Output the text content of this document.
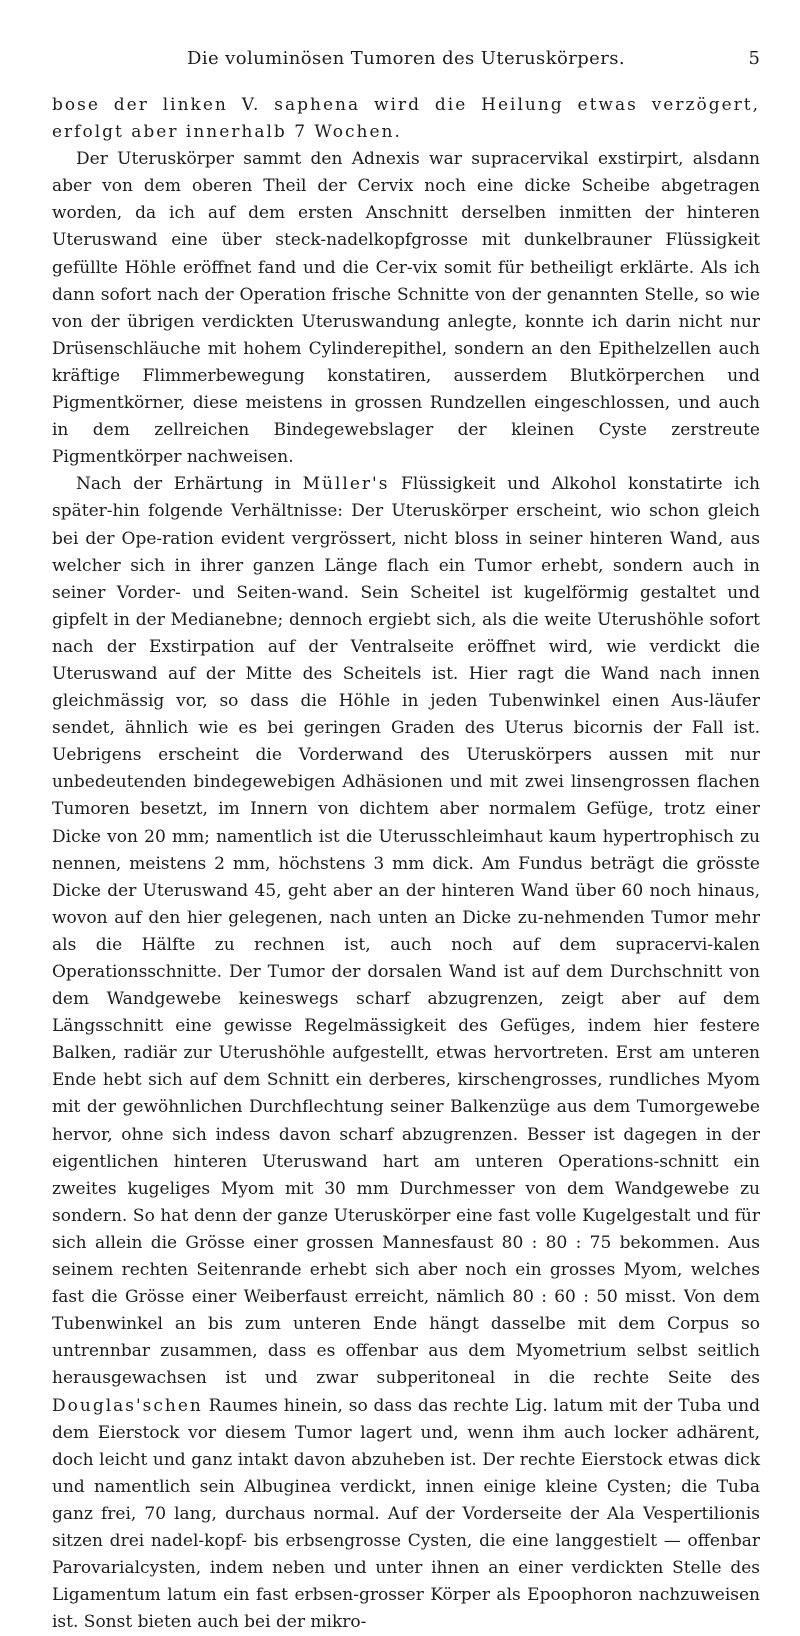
Die voluminösen Tumoren des Uteruskörpers.	5

bose der linken V. saphena wird die Heilung etwas verzögert, erfolgt aber innerhalb 7 Wochen.

Der Uteruskörper sammt den Adnexis war supracervikal exstirpirt, alsdann aber von dem oberen Theil der Cervix noch eine dicke Scheibe abgetragen worden, da ich auf dem ersten Anschnitt derselben inmitten der hinteren Uteruswand eine über steck-nadelkopfgrosse mit dunkelbrauner Flüssigkeit gefüllte Höhle eröffnet fand und die Cer-vix somit für betheiligt erklärte. Als ich dann sofort nach der Operation frische Schnitte von der genannten Stelle, so wie von der übrigen verdickten Uteruswandung anlegte, konnte ich darin nicht nur Drüsenschläuche mit hohem Cylinderepithel, sondern an den Epithelzellen auch kräftige Flimmerbewegung konstatiren, ausserdem Blutkörperchen und Pigmentkörner, diese meistens in grossen Rundzellen eingeschlossen, und auch in dem zellreichen Bindegewebslager der kleinen Cyste zerstreute Pigmentkörper nachweisen.

Nach der Erhärtung in Müller's Flüssigkeit und Alkohol konstatirte ich später-hin folgende Verhältnisse: Der Uteruskörper erscheint, wio schon gleich bei der Ope-ration evident vergrössert, nicht bloss in seiner hinteren Wand, aus welcher sich in ihrer ganzen Länge flach ein Tumor erhebt, sondern auch in seiner Vorder- und Seiten-wand. Sein Scheitel ist kugelförmig gestaltet und gipfelt in der Medianebne; dennoch ergiebt sich, als die weite Uterushöhle sofort nach der Exstirpation auf der Ventralseite eröffnet wird, wie verdickt die Uteruswand auf der Mitte des Scheitels ist. Hier ragt die Wand nach innen gleichmässig vor, so dass die Höhle in jeden Tubenwinkel einen Aus-läufer sendet, ähnlich wie es bei geringen Graden des Uterus bicornis der Fall ist. Uebrigens erscheint die Vorderwand des Uteruskörpers aussen mit nur unbedeutenden bindegewebigen Adhäsionen und mit zwei linsengrossen flachen Tumoren besetzt, im Innern von dichtem aber normalem Gefüge, trotz einer Dicke von 20 mm; namentlich ist die Uterusschleimhaut kaum hypertrophisch zu nennen, meistens 2 mm, höchstens 3 mm dick. Am Fundus beträgt die grösste Dicke der Uteruswand 45, geht aber an der hinteren Wand über 60 noch hinaus, wovon auf den hier gelegenen, nach unten an Dicke zu-nehmenden Tumor mehr als die Hälfte zu rechnen ist, auch noch auf dem supracervi-kalen Operationsschnitte. Der Tumor der dorsalen Wand ist auf dem Durchschnitt von dem Wandgewebe keineswegs scharf abzugrenzen, zeigt aber auf dem Längsschnitt eine gewisse Regelmässigkeit des Gefüges, indem hier festere Balken, radiär zur Uterushöhle aufgestellt, etwas hervortreten. Erst am unteren Ende hebt sich auf dem Schnitt ein derberes, kirschengrosses, rundliches Myom mit der gewöhnlichen Durchflechtung seiner Balkenzüge aus dem Tumorgewebe hervor, ohne sich indess davon scharf abzugrenzen. Besser ist dagegen in der eigentlichen hinteren Uteruswand hart am unteren Operations-schnitt ein zweites kugeliges Myom mit 30 mm Durchmesser von dem Wandgewebe zu sondern. So hat denn der ganze Uteruskörper eine fast volle Kugelgestalt und für sich allein die Grösse einer grossen Mannesfaust 80 : 80 : 75 bekommen. Aus seinem rechten Seitenrande erhebt sich aber noch ein grosses Myom, welches fast die Grösse einer Weiberfaust erreicht, nämlich 80 : 60 : 50 misst. Von dem Tubenwinkel an bis zum unteren Ende hängt dasselbe mit dem Corpus so untrennbar zusammen, dass es offenbar aus dem Myometrium selbst seitlich herausgewachsen ist und zwar subperitoneal in die rechte Seite des Douglas'schen Raumes hinein, so dass das rechte Lig. latum mit der Tuba und dem Eierstock vor diesem Tumor lagert und, wenn ihm auch locker adhärent, doch leicht und ganz intakt davon abzuheben ist. Der rechte Eierstock etwas dick und namentlich sein Albuginea verdickt, innen einige kleine Cysten; die Tuba ganz frei, 70 lang, durchaus normal. Auf der Vorderseite der Ala Vespertilionis sitzen drei nadel-kopf- bis erbsengrosse Cysten, die eine langgestielt — offenbar Parovarialcysten, indem neben und unter ihnen an einer verdickten Stelle des Ligamentum latum ein fast erbsen-grosser Körper als Epoophoron nachzuweisen ist. Sonst bieten auch bei der mikro-
